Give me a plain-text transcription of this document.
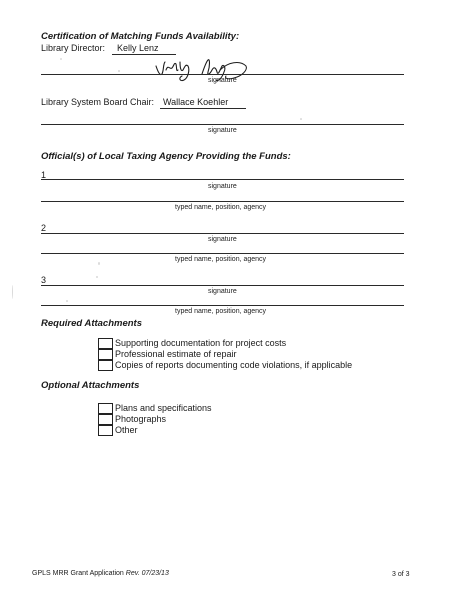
Certification of Matching Funds Availability:
Library Director: Kelly Lenz
signature
Library System Board Chair: Wallace Koehler
signature
Official(s) of Local Taxing Agency Providing the Funds:
1
signature
typed name, position, agency
2
signature
typed name, position, agency
3
signature
typed name, position, agency
Required Attachments
Supporting documentation for project costs
Professional estimate of repair
Copies of reports documenting code violations, if applicable
Optional Attachments
Plans and specifications
Photographs
Other
GPLS MRR Grant Application Rev. 07/23/13	3 of 3
